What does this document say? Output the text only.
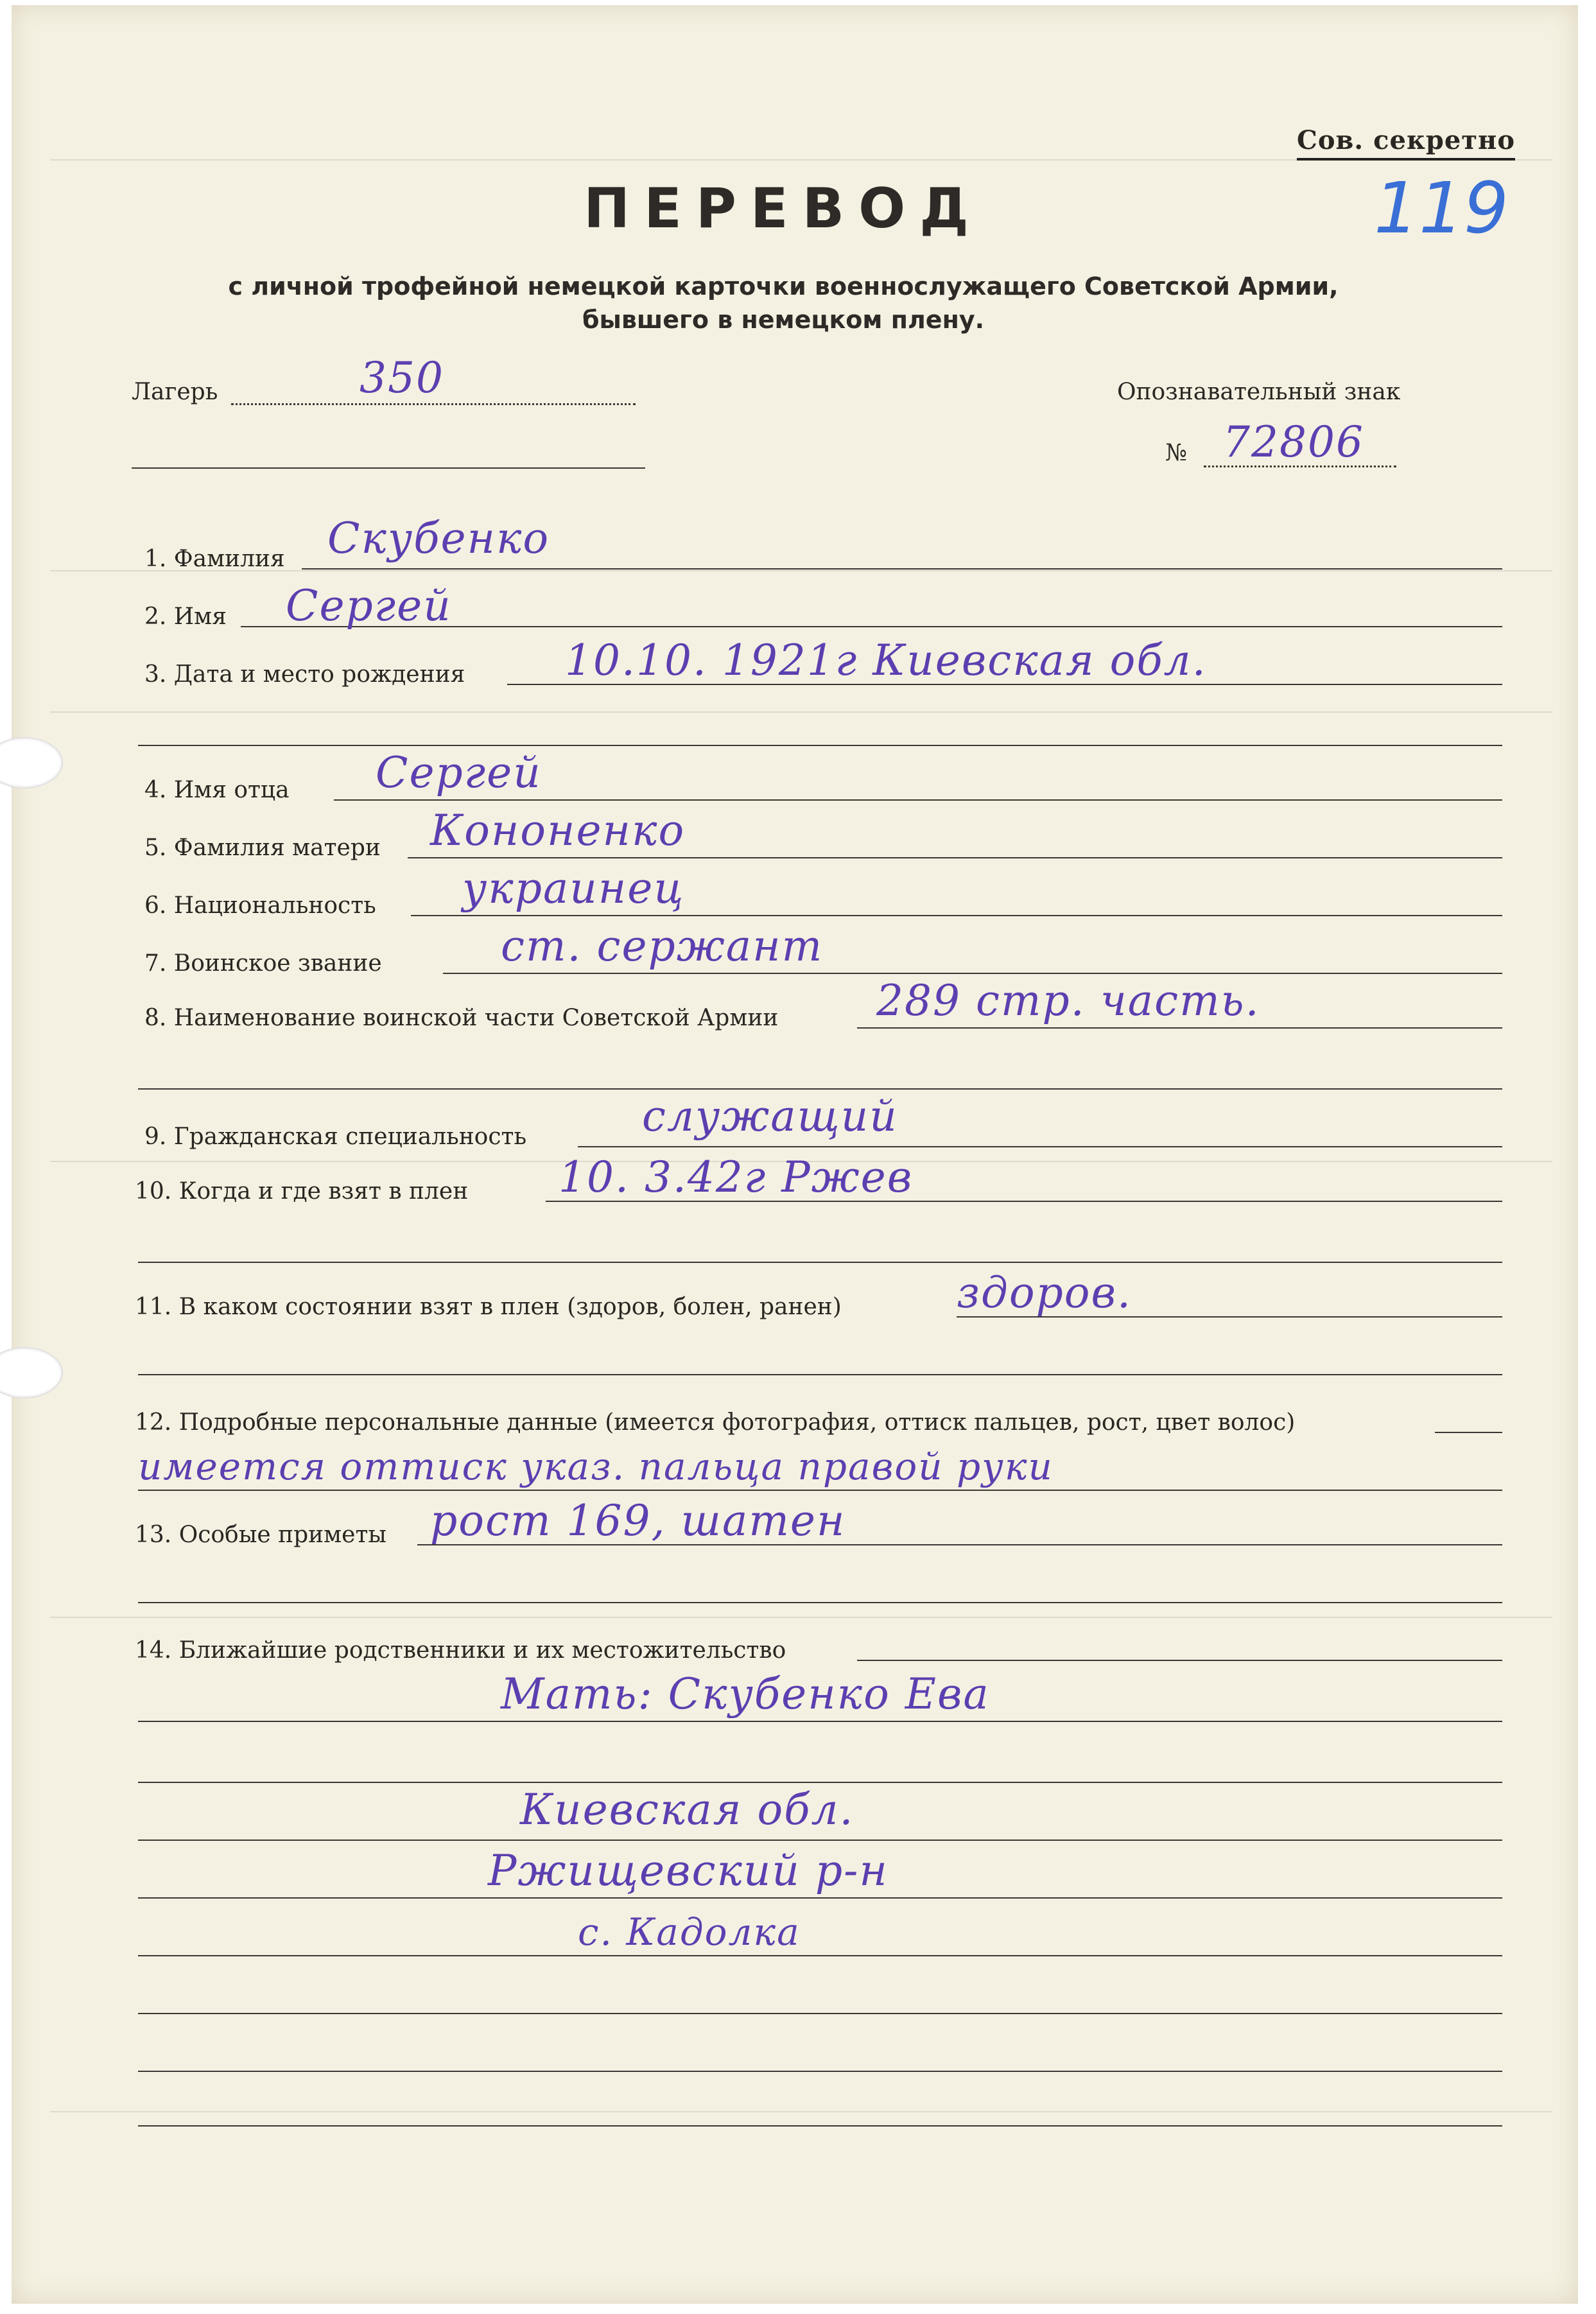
Сов. секретно
119
ПЕРЕВОД
с личной трофейной немецкой карточки военнослужащего Советской Армии,
бывшего в немецком плену.
Лагерь	350	Опознавательный знак
№ 72806
1. Фамилия Скубенко
2. Имя Сергей
3. Дата и место рождения 10.10. 1921г Киевская обл.
4. Имя отца Сергей
5. Фамилия матери Кононенко
6. Национальность украинец
7. Воинское звание	ст. сержант
8. Наименование воинской части Советской Армии 289 стр. часть.
9. Гражданская специальность	служащий
10. Когда и где взят в плен 10. 3.42г Ржев
11. В каком состоянии взят в плен (здоров, болен, ранен)	здоров.
12. Подробные персональные данные (имеется фотография, оттиск пальцев, рост, цвет волос)
имеется оттиск указ. пальца правой руки
13. Особые приметы рост 169, шатен
14. Ближайшие родственники и их местожительство
Мать: Скубенко Ева
Киевская обл.
Ржищевский р-н
с. Кадолка
